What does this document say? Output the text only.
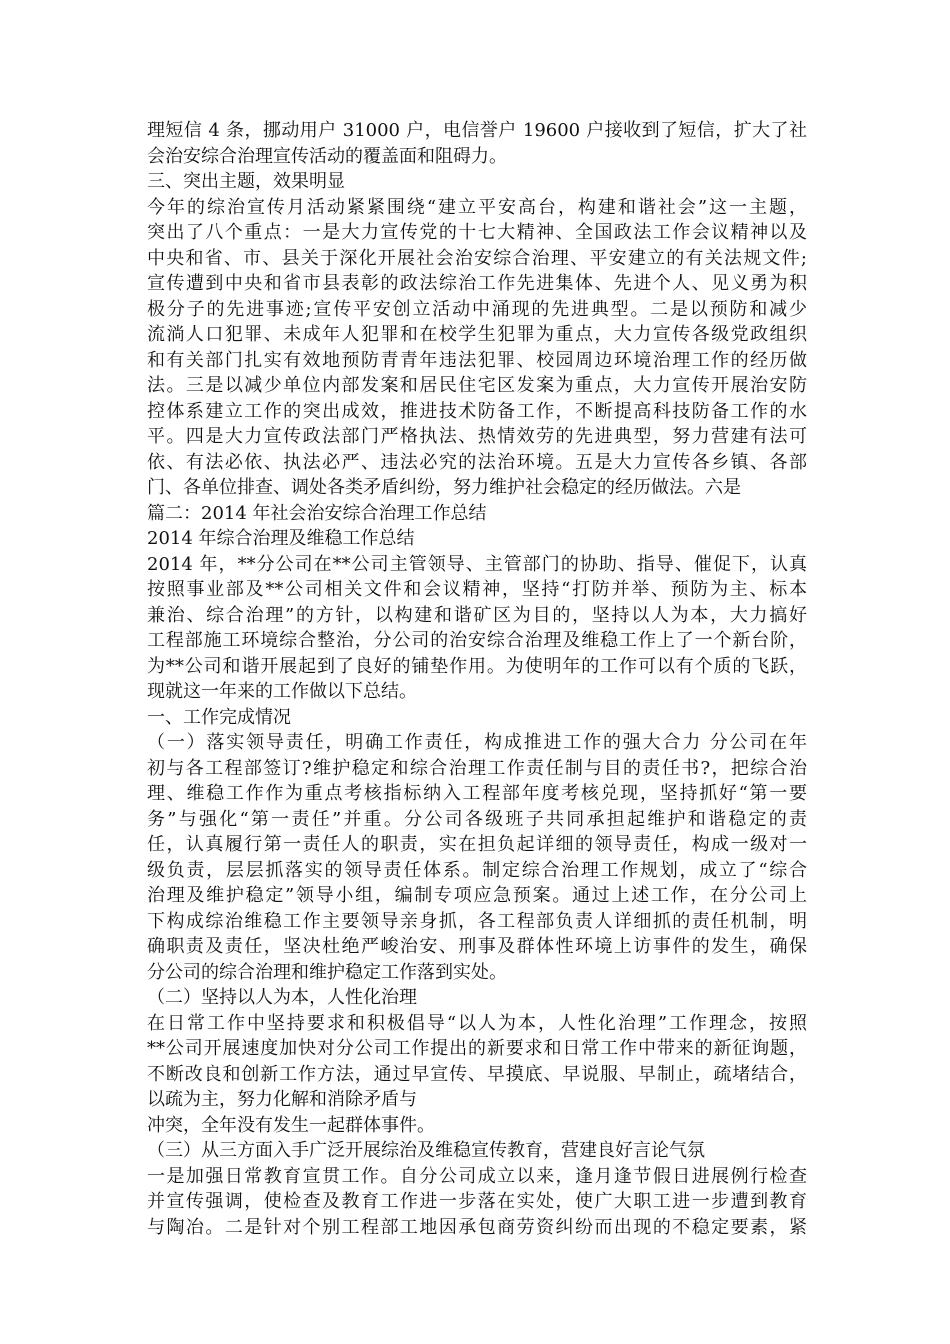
理短信 4 条，挪动用户 31000 户，电信誉户 19600 户接收到了短信，扩大了社
会治安综合治理宣传活动的覆盖面和阻碍力。
三、突出主题，效果明显
今年的综治宣传月活动紧紧围绕“建立平安高台，构建和谐社会”这一主题，
突出了八个重点：一是大力宣传党的十七大精神、全国政法工作会议精神以及
中央和省、市、县关于深化开展社会治安综合治理、平安建立的有关法规文件;
宣传遭到中央和省市县表彰的政法综治工作先进集体、先进个人、见义勇为积
极分子的先进事迹;宣传平安创立活动中涌现的先进典型。二是以预防和减少
流淌人口犯罪、未成年人犯罪和在校学生犯罪为重点，大力宣传各级党政组织
和有关部门扎实有效地预防青青年违法犯罪、校园周边环境治理工作的经历做
法。三是以减少单位内部发案和居民住宅区发案为重点，大力宣传开展治安防
控体系建立工作的突出成效，推进技术防备工作，不断提高科技防备工作的水
平。四是大力宣传政法部门严格执法、热情效劳的先进典型，努力营建有法可
依、有法必依、执法必严、违法必究的法治环境。五是大力宣传各乡镇、各部
门、各单位排查、调处各类矛盾纠纷，努力维护社会稳定的经历做法。六是
篇二：2014 年社会治安综合治理工作总结
2014 年综合治理及维稳工作总结
2014 年，**分公司在**公司主管领导、主管部门的协助、指导、催促下，认真
按照事业部及**公司相关文件和会议精神，坚持“打防并举、预防为主、标本
兼治、综合治理”的方针，以构建和谐矿区为目的，坚持以人为本，大力搞好
工程部施工环境综合整治，分公司的治安综合治理及维稳工作上了一个新台阶，
为**公司和谐开展起到了良好的铺垫作用。为使明年的工作可以有个质的飞跃，
现就这一年来的工作做以下总结。
一、工作完成情况
（一）落实领导责任，明确工作责任，构成推进工作的强大合力 分公司在年
初与各工程部签订?维护稳定和综合治理工作责任制与目的责任书?，把综合治
理、维稳工作作为重点考核指标纳入工程部年度考核兑现，坚持抓好“第一要
务”与强化“第一责任”并重。分公司各级班子共同承担起维护和谐稳定的责
任，认真履行第一责任人的职责，实在担负起详细的领导责任，构成一级对一
级负责，层层抓落实的领导责任体系。制定综合治理工作规划，成立了“综合
治理及维护稳定”领导小组，编制专项应急预案。通过上述工作，在分公司上
下构成综治维稳工作主要领导亲身抓，各工程部负责人详细抓的责任机制，明
确职责及责任，坚决杜绝严峻治安、刑事及群体性环境上访事件的发生，确保
分公司的综合治理和维护稳定工作落到实处。
（二）坚持以人为本，人性化治理
在日常工作中坚持要求和积极倡导“以人为本，人性化治理”工作理念，按照
**公司开展速度加快对分公司工作提出的新要求和日常工作中带来的新征询题，
不断改良和创新工作方法，通过早宣传、早摸底、早说服、早制止，疏堵结合，
以疏为主，努力化解和消除矛盾与
冲突，全年没有发生一起群体事件。
（三）从三方面入手广泛开展综治及维稳宣传教育，营建良好言论气氛
一是加强日常教育宣贯工作。自分公司成立以来，逢月逢节假日进展例行检查
并宣传强调，使检查及教育工作进一步落在实处，使广大职工进一步遭到教育
与陶冶。二是针对个别工程部工地因承包商劳资纠纷而出现的不稳定要素，紧
